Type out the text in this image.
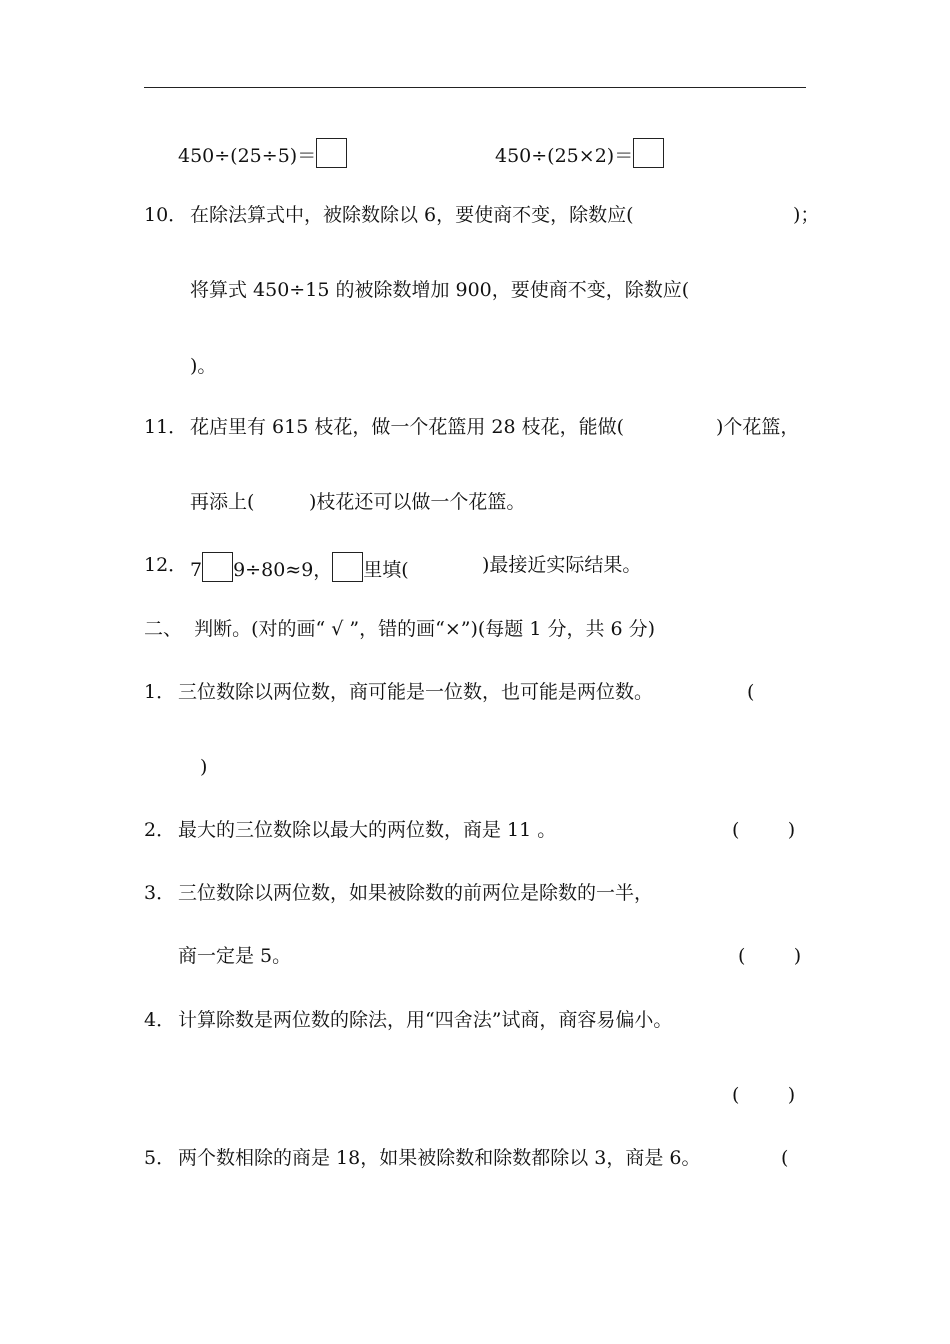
450÷(25÷5)＝	450÷(25×2)＝
10． 在除法算式中，被除数除以 6，要使商不变，除数应(	)；
将算式 450÷15 的被除数增加 900，要使商不变，除数应(
)。
11． 花店里有 615 枝花，做一个花篮用 28 枝花，能做(	)个花篮，
再添上(	)枝花还可以做一个花篮。
12． 7 9÷80≈9， 里填(	)最接近实际结果。
二、  判断。(对的画“ √ ”，错的画“×”)(每题 1 分，共 6 分)
1． 三位数除以两位数，商可能是一位数，也可能是两位数。	(
)
2． 最大的三位数除以最大的两位数，商是 11 。	(        )
3． 三位数除以两位数，如果被除数的前两位是除数的一半，
商一定是 5。	(        )
4． 计算除数是两位数的除法，用“四舍法”试商，商容易偏小。
(        )
5． 两个数相除的商是 18，如果被除数和除数都除以 3，商是 6。	(
